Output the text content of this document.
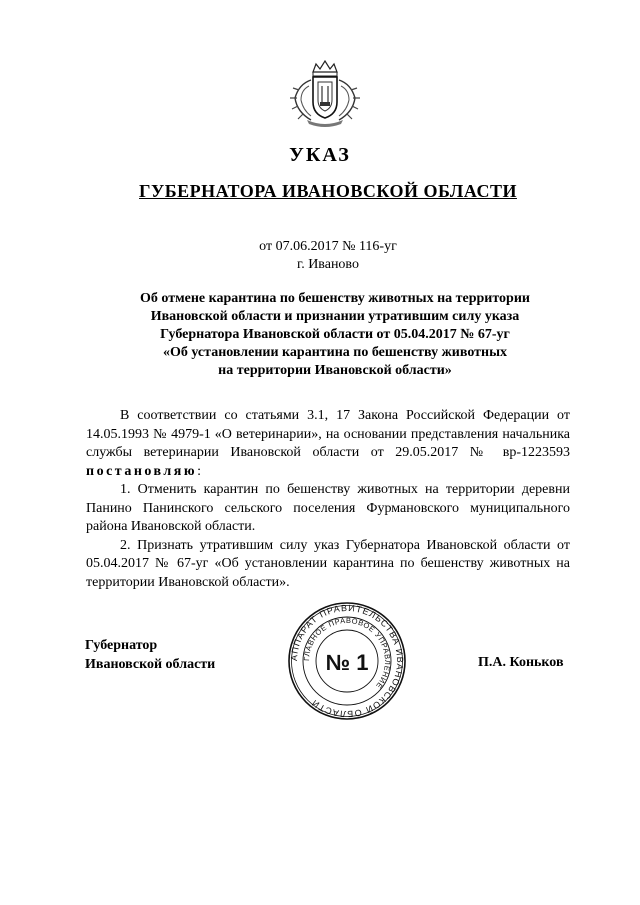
УКАЗ
ГУБЕРНАТОРА ИВАНОВСКОЙ ОБЛАСТИ
от 07.06.2017 № 116-уг
г. Иваново
Об отмене карантина по бешенству животных на территории
Ивановской области и признании утратившим силу указа
Губернатора Ивановской области от 05.04.2017 № 67-уг
«Об установлении карантина по бешенству животных
на территории Ивановской области»

В соответствии со статьями 3.1, 17 Закона Российской Федерации от 14.05.1993 № 4979-1 «О ветеринарии», на основании представления начальника службы ветеринарии Ивановской области от 29.05.2017 № вр-1223593 постановляю:

1. Отменить карантин по бешенству животных на территории деревни Панино Панинского сельского поселения Фурмановского муниципального района Ивановской области.

2. Признать утратившим силу указ Губернатора Ивановской области от 05.04.2017 № 67-уг «Об установлении карантина по бешенству животных на территории Ивановской области».

Губернатор
Ивановской области	АППАРАТ ПРАВИТЕЛЬСТВА ИВАНОВСКОЙ ОБЛАСТИ
ГЛАВНОЕ ПРАВОВОЕ УПРАВЛЕНИЕ
№ 1	П.А. Коньков
